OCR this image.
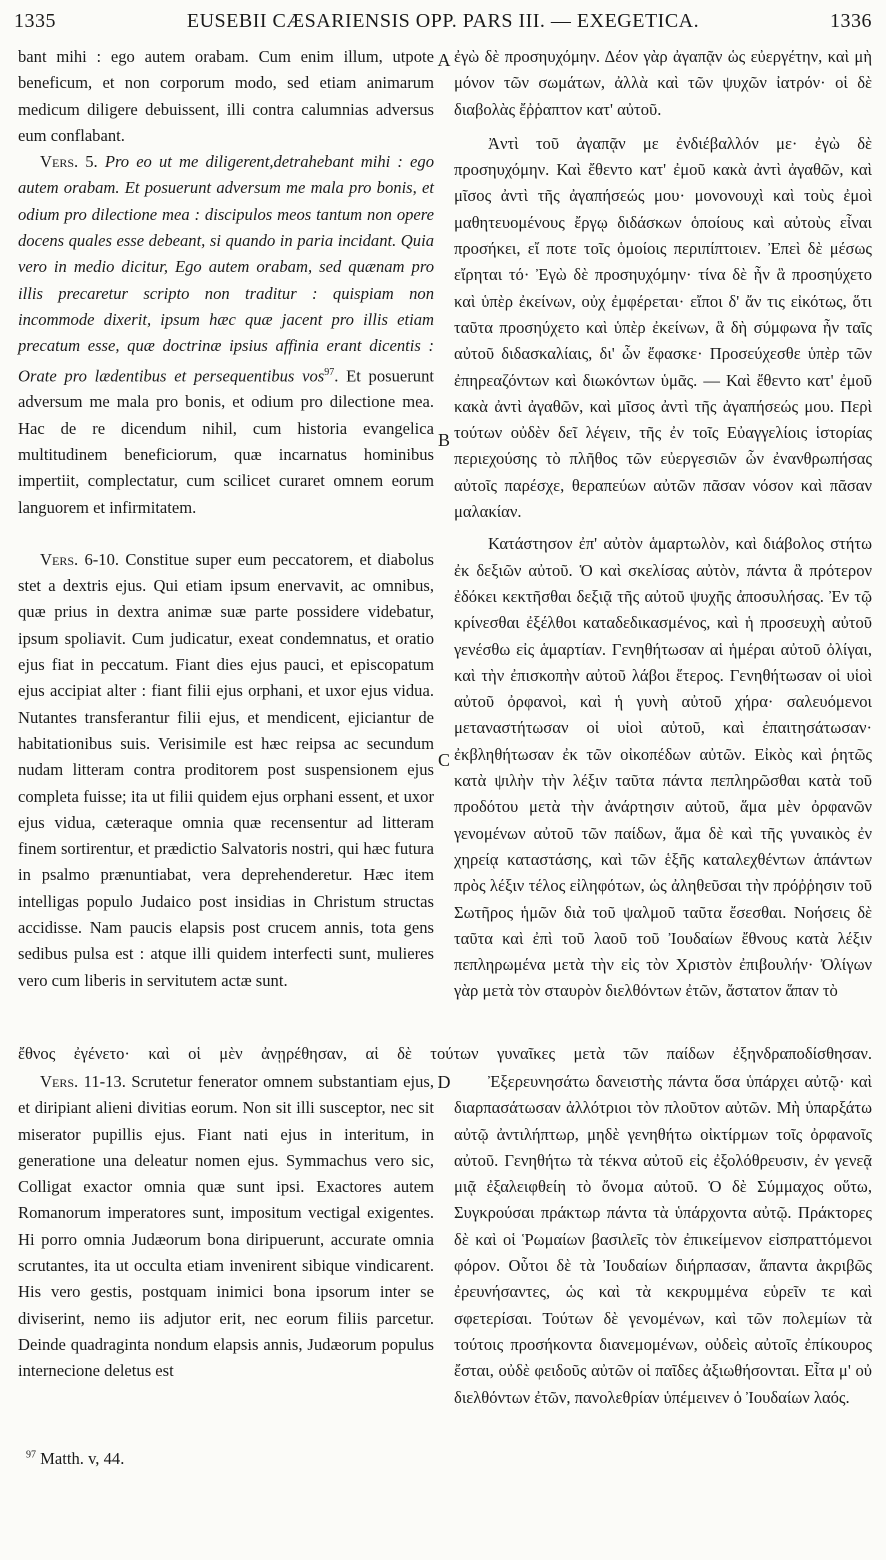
1335	EUSEBII CÆSARIENSIS OPP. PARS III. — EXEGETICA.	1336

bant mihi : ego autem orabam. Cum enim illum, utpote beneficum, et non corporum modo, sed etiam animarum medicum diligere debuissent, illi contra calumnias adversus eum conflabant.

Vers. 5. Pro eo ut me diligerent,detrahebant mihi : ego autem orabam. Et posuerunt adversum me mala pro bonis, et odium pro dilectione mea : discipulos meos tantum non opere docens quales esse debeant, si quando in paria incidant. Quia vero in medio dicitur, Ego autem orabam, sed quænam pro illis precaretur scripto non traditur : quispiam non incommode dixerit, ipsum hæc quæ jacent pro illis etiam precatum esse, quæ doctrinæ ipsius affinia erant dicentis : Orate pro lædentibus et persequentibus vos$^{97}$. Et posuerunt adversum me mala pro bonis, et odium pro dilectione mea. Hac de re dicendum nihil, cum historia evangelica multitudinem beneficiorum, quæ incarnatus hominibus impertiit, complectatur, cum scilicet curaret omnem eorum languorem et infirmitatem.

Vers. 6-10. Constitue super eum peccatorem, et diabolus stet a dextris ejus. Qui etiam ipsum enervavit, ac omnibus, quæ prius in dextra animæ suæ parte possidere videbatur, ipsum spoliavit. Cum judicatur, exeat condemnatus, et oratio ejus fiat in peccatum. Fiant dies ejus pauci, et episcopatum ejus accipiat alter : fiant filii ejus orphani, et uxor ejus vidua. Nutantes transferantur filii ejus, et mendicent, ejiciantur de habitationibus suis. Verisimile est hæc reipsa ac secundum nudam litteram contra proditorem post suspensionem ejus completa fuisse; ita ut filii quidem ejus orphani essent, et uxor ejus vidua, cæteraque omnia quæ recensentur ad litteram finem sortirentur, et prædictio Salvatoris nostri, qui hæc futura in psalmo prænuntiabat, vera deprehenderetur. Hæc item intelligas populo Judaico post insidias in Christum structas accidisse. Nam paucis elapsis post crucem annis, tota gens sedibus pulsa est : atque illi quidem interfecti sunt, mulieres vero cum liberis in servitutem actæ sunt.

ἐγὼ δὲ προσηυχόμην. Δέον γὰρ ἀγαπᾷν ὡς εὐεργέτην, καὶ μὴ μόνον τῶν σωμάτων, ἀλλὰ καὶ τῶν ψυχῶν ἰατρόν· οἱ δὲ διαβολὰς ἔῤῥαπτον κατ' αὐτοῦ.

Ἀντὶ τοῦ ἀγαπᾷν με ἐνδιέβαλλόν με· ἐγὼ δὲ προσηυχόμην. Καὶ ἔθεντο κατ' ἐμοῦ κακὰ ἀντὶ ἀγαθῶν, καὶ μῖσος ἀντὶ τῆς ἀγαπήσεώς μου· μονονουχὶ καὶ τοὺς ἐμοὶ μαθητευομένους ἔργῳ διδάσκων ὁποίους καὶ αὐτοὺς εἶναι προσήκει, εἴ ποτε τοῖς ὁμοίοις περιπίπτοιεν. Ἐπεὶ δὲ μέσως εἴρηται τό· Ἐγὼ δὲ προσηυχόμην· τίνα δὲ ἦν ἃ προσηύχετο καὶ ὑπὲρ ἐκείνων, οὐχ ἐμφέρεται· εἴποι δ' ἄν τις εἰκότως, ὅτι ταῦτα προσηύχετο καὶ ὑπὲρ ἐκείνων, ἃ δὴ σύμφωνα ἦν ταῖς αὐτοῦ διδασκαλίαις, δι' ὧν ἔφασκε· Προσεύχεσθε ὑπὲρ τῶν ἐπηρεαζόντων καὶ διωκόντων ὑμᾶς. — Καὶ ἔθεντο κατ' ἐμοῦ κακὰ ἀντὶ ἀγαθῶν, καὶ μῖσος ἀντὶ τῆς ἀγαπήσεώς μου. Περὶ τούτων οὐδὲν δεῖ λέγειν, τῆς ἐν τοῖς Εὐαγγελίοις ἱστορίας περιεχούσης τὸ πλῆθος τῶν εὐεργεσιῶν ὧν ἐνανθρωπήσας αὐτοῖς παρέσχε, θεραπεύων αὐτῶν πᾶσαν νόσον καὶ πᾶσαν μαλακίαν.

Κατάστησον ἐπ' αὐτὸν ἁμαρτωλὸν, καὶ διάβολος στήτω ἐκ δεξιῶν αὐτοῦ. Ὁ καὶ σκελίσας αὐτὸν, πάντα ἃ πρότερον ἐδόκει κεκτῆσθαι δεξιᾷ τῆς αὐτοῦ ψυχῆς ἀποσυλήσας. Ἐν τῷ κρίνεσθαι ἐξέλθοι καταδεδικασμένος, καὶ ἡ προσευχὴ αὐτοῦ γενέσθω εἰς ἁμαρτίαν. Γενηθήτωσαν αἱ ἡμέραι αὐτοῦ ὀλίγαι, καὶ τὴν ἐπισκοπὴν αὐτοῦ λάβοι ἕτερος. Γενηθήτωσαν οἱ υἱοὶ αὐτοῦ ὀρφανοὶ, καὶ ἡ γυνὴ αὐτοῦ χήρα· σαλευόμενοι μεταναστήτωσαν οἱ υἱοὶ αὐτοῦ, καὶ ἐπαιτησάτωσαν· ἐκβληθήτωσαν ἐκ τῶν οἰκοπέδων αὐτῶν. Εἰκὸς καὶ ῥητῶς κατὰ ψιλὴν τὴν λέξιν ταῦτα πάντα πεπληρῶσθαι κατὰ τοῦ προδότου μετὰ τὴν ἀνάρτησιν αὐτοῦ, ἅμα μὲν ὀρφανῶν γενομένων αὐτοῦ τῶν παίδων, ἅμα δὲ καὶ τῆς γυναικὸς ἐν χηρείᾳ καταστάσης, καὶ τῶν ἑξῆς καταλεχθέντων ἁπάντων πρὸς λέξιν τέλος εἰληφότων, ὡς ἀληθεῦσαι τὴν πρόῤῥησιν τοῦ Σωτῆρος ἡμῶν διὰ τοῦ ψαλμοῦ ταῦτα ἔσεσθαι. Νοήσεις δὲ ταῦτα καὶ ἐπὶ τοῦ λαοῦ τοῦ Ἰουδαίων ἔθνους κατὰ λέξιν πεπληρωμένα μετὰ τὴν εἰς τὸν Χριστὸν ἐπιβουλήν· Ὀλίγων γὰρ μετὰ τὸν σταυρὸν διελθόντων ἐτῶν, ἄστατον ἅπαν τὸ

ἔθνος ἐγένετο· καὶ οἱ μὲν ἀνῃρέθησαν, αἱ δὲ τούτων γυναῖκες μετὰ τῶν παίδων ἐξηνδραποδίσθησαν.

Vers. 11-13. Scrutetur fenerator omnem substantiam ejus, et diripiant alieni divitias eorum. Non sit illi susceptor, nec sit miserator pupillis ejus. Fiant nati ejus in interitum, in generatione una deleatur nomen ejus. Symmachus vero sic, Colligat exactor omnia quæ sunt ipsi. Exactores autem Romanorum imperatores sunt, impositum vectigal exigentes. Hi porro omnia Judæorum bona diripuerunt, accurate omnia scrutantes, ita ut occulta etiam invenirent sibique vindicarent. His vero gestis, postquam inimici bona ipsorum inter se diviserint, nemo iis adjutor erit, nec eorum filiis parcetur. Deinde quadraginta nondum elapsis annis, Judæorum populus internecione deletus est

Ἐξερευνησάτω δανειστὴς πάντα ὅσα ὑπάρχει αὐτῷ· καὶ διαρπασάτωσαν ἀλλότριοι τὸν πλοῦτον αὐτῶν. Μὴ ὑπαρξάτω αὐτῷ ἀντιλήπτωρ, μηδὲ γενηθήτω οἰκτίρμων τοῖς ὀρφανοῖς αὐτοῦ. Γενηθήτω τὰ τέκνα αὐτοῦ εἰς ἐξολόθρευσιν, ἐν γενεᾷ μιᾷ ἐξαλειφθείη τὸ ὄνομα αὐτοῦ. Ὁ δὲ Σύμμαχος οὕτω, Συγκρούσαι πράκτωρ πάντα τὰ ὑπάρχοντα αὐτῷ. Πράκτορες δὲ καὶ οἱ Ῥωμαίων βασιλεῖς τὸν ἐπικείμενον εἰσπραττόμενοι φόρον. Οὗτοι δὲ τὰ Ἰουδαίων διήρπασαν, ἅπαντα ἀκριβῶς ἐρευνήσαντες, ὡς καὶ τὰ κεκρυμμένα εὑρεῖν τε καὶ σφετερίσαι. Τούτων δὲ γενομένων, καὶ τῶν πολεμίων τὰ τούτοις προσήκοντα διανεμομένων, οὐδεὶς αὐτοῖς ἐπίκουρος ἔσται, οὐδὲ φειδοῦς αὐτῶν οἱ παῖδες ἀξιωθήσονται. Εἶτα μ' οὐ διελθόντων ἐτῶν, πανολεθρίαν ὑπέμεινεν ὁ Ἰουδαίων λαός.

A
B
C
D
$^{97}$ Matth. v, 44.
